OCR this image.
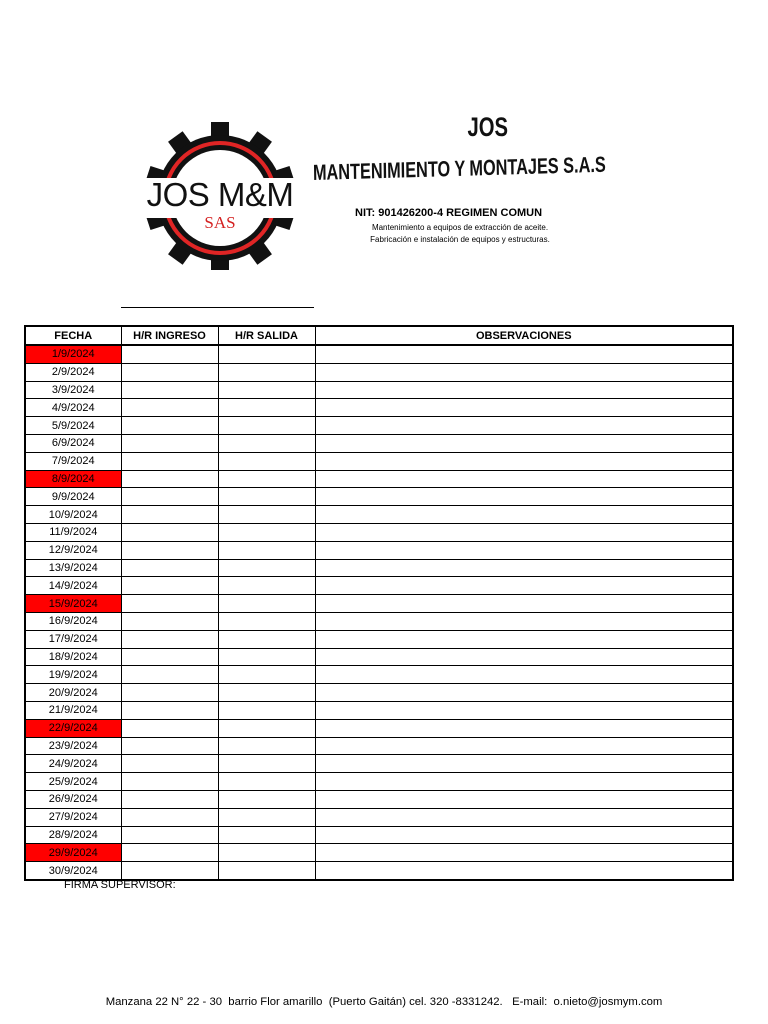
JOS M&M
SAS
JOS
MANTENIMIENTO Y MONTAJES S.A.S
NIT: 901426200-4 REGIMEN COMUN
Mantenimiento a equipos de extracción de aceite.
Fabricación e instalación de equipos y estructuras.
FECHA	H/R INGRESO	H/R SALIDA	OBSERVACIONES
1/9/2024			
2/9/2024			
3/9/2024			
4/9/2024			
5/9/2024			
6/9/2024			
7/9/2024			
8/9/2024			
9/9/2024			
10/9/2024			
11/9/2024			
12/9/2024			
13/9/2024			
14/9/2024			
15/9/2024			
16/9/2024			
17/9/2024			
18/9/2024			
19/9/2024			
20/9/2024			
21/9/2024			
22/9/2024			
23/9/2024			
24/9/2024			
25/9/2024			
26/9/2024			
27/9/2024			
28/9/2024			
29/9/2024			
30/9/2024			
FIRMA SUPERVISOR:
Manzana 22 N° 22 - 30  barrio Flor amarillo  (Puerto Gaitán) cel. 320 -8331242.   E-mail:  o.nieto@josmym.com
